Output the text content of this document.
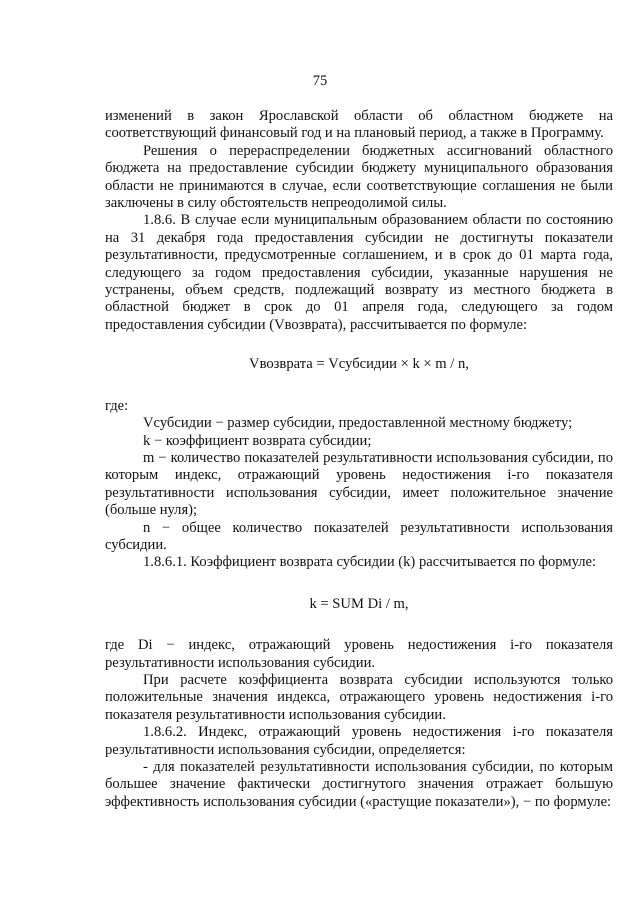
75

изменений в закон Ярославской области об областном бюджете на соответствующий финансовый год и на плановый период, а также в Программу.

Решения о перераспределении бюджетных ассигнований областного бюджета на предоставление субсидии бюджету муниципального образования области не принимаются в случае, если соответствующие соглашения не были заключены в силу обстоятельств непреодолимой силы.

1.8.6. В случае если муниципальным образованием области по состоянию на 31 декабря года предоставления субсидии не достигнуты показатели результативности, предусмотренные соглашением, и в срок до 01 марта года, следующего за годом предоставления субсидии, указанные нарушения не устранены, объем средств, подлежащий возврату из местного бюджета в областной бюджет в срок до 01 апреля года, следующего за годом предоставления субсидии (Vвозврата), рассчитывается по формуле:

Vвозврата = Vсубсидии × k × m / n,

где:

Vсубсидии − размер субсидии, предоставленной местному бюджету;

k − коэффициент возврата субсидии;

m − количество показателей результативности использования субсидии, по которым индекс, отражающий уровень недостижения i-го показателя результативности использования субсидии, имеет положительное значение (больше нуля);

n − общее количество показателей результативности использования субсидии.

1.8.6.1. Коэффициент возврата субсидии (k) рассчитывается по формуле:

k = SUM Di / m,

где Di − индекс, отражающий уровень недостижения i-го показателя результативности использования субсидии.

При расчете коэффициента возврата субсидии используются только положительные значения индекса, отражающего уровень недостижения i-го показателя результативности использования субсидии.

1.8.6.2. Индекс, отражающий уровень недостижения i-го показателя результативности использования субсидии, определяется:

- для показателей результативности использования субсидии, по которым большее значение фактически достигнутого значения отражает большую эффективность использования субсидии («растущие показатели»), − по формуле:
